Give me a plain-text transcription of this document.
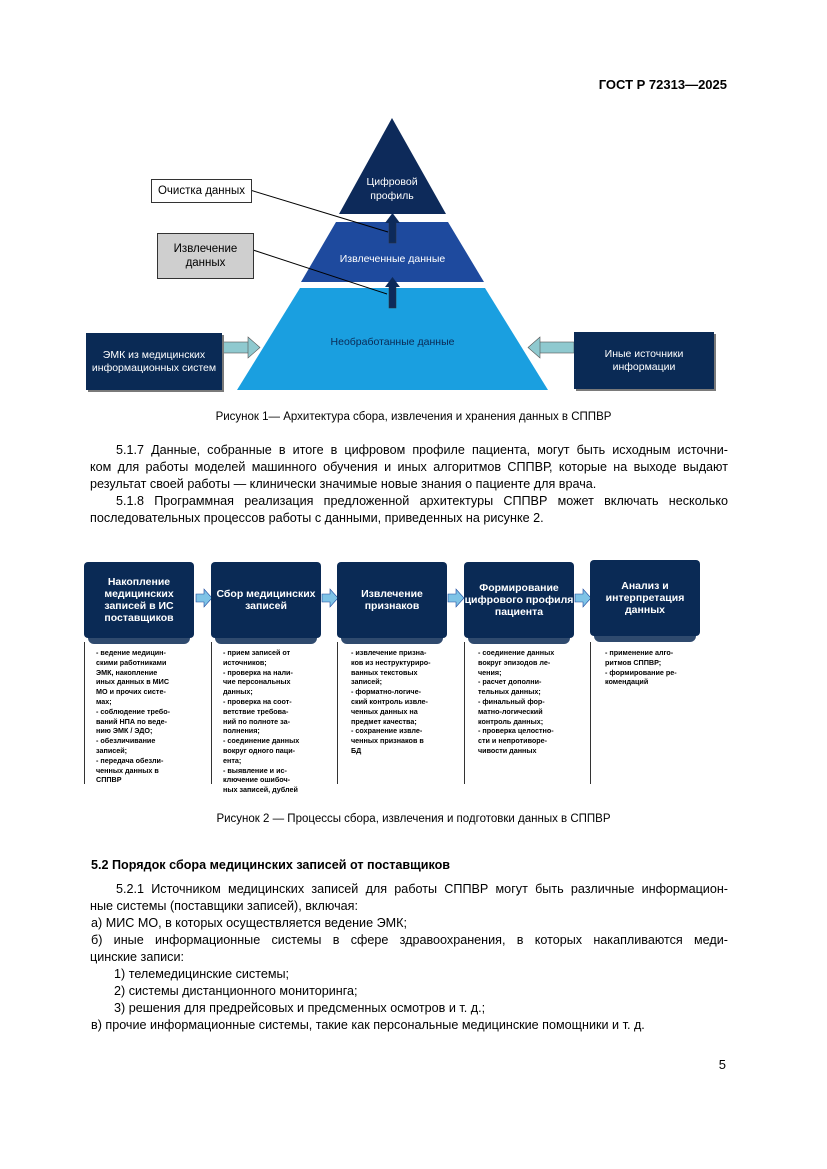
ГОСТ Р 72313—2025
Цифровой профиль
Извлеченные данные
Необработанные данные
Очистка данных
Извлечение данных
ЭМК из медицинских информационных систем
Иные источники информации
Рисунок 1— Архитектура сбора, извлечения и хранения данных в СППВР
5.1.7 Данные, собранные в итоге в цифровом профиле пациента, могут быть исходным источни-
ком для работы моделей машинного обучения и иных алгоритмов СППВР, которые на выходе выдают
результат своей работы — клинически значимые новые знания о пациенте для врача.
5.1.8 Программная реализация предложенной архитектуры СППВР может включать несколько
последовательных процессов работы с данными, приведенных на рисунке 2.
Накопление медицинских записей в ИС поставщиков
Сбор медицинских записей
Извлечение признаков
Формирование цифрового профиля пациента
Анализ и интерпретация данных
- ведение медицин-
скими работниками
ЭМК, накопление
иных данных в МИС
МО и прочих систе-
мах;
- соблюдение требо-
ваний НПА по веде-
нию ЭМК / ЭДО;
- обезличивание
записей;
- передача обезли-
ченных данных в
СППВР
- прием записей от
источников;
- проверка на нали-
чие персональных
данных;
- проверка на соот-
ветствие требова-
ний по полноте за-
полнения;
- соединение данных
вокруг одного паци-
ента;
- выявление и ис-
ключение ошибоч-
ных записей, дублей
- извлечение призна-
ков из неструктуриро-
ванных текстовых
записей;
- форматно-логиче-
ский контроль извле-
ченных данных на
предмет качества;
- сохранение извле-
ченных признаков в
БД
- соединение данных
вокруг эпизодов ле-
чения;
- расчет дополни-
тельных данных;
- финальный фор-
матно-логический
контроль данных;
- проверка целостно-
сти и непротиворе-
чивости данных
- применение алго-
ритмов СППВР;
- формирование ре-
комендаций
Рисунок 2 — Процессы сбора, извлечения и подготовки данных в СППВР
5.2 Порядок сбора медицинских записей от поставщиков
5.2.1 Источником медицинских записей для работы СППВР могут быть различные информацион-
ные системы (поставщики записей), включая:
а) МИС МО, в которых осуществляется ведение ЭМК;
б) иные информационные системы в сфере здравоохранения, в которых накапливаются меди-
цинские записи:
1) телемедицинские системы;
2) системы дистанционного мониторинга;
3) решения для предрейсовых и предсменных осмотров и т. д.;
в) прочие информационные системы, такие как персональные медицинские помощники и т. д.
5
